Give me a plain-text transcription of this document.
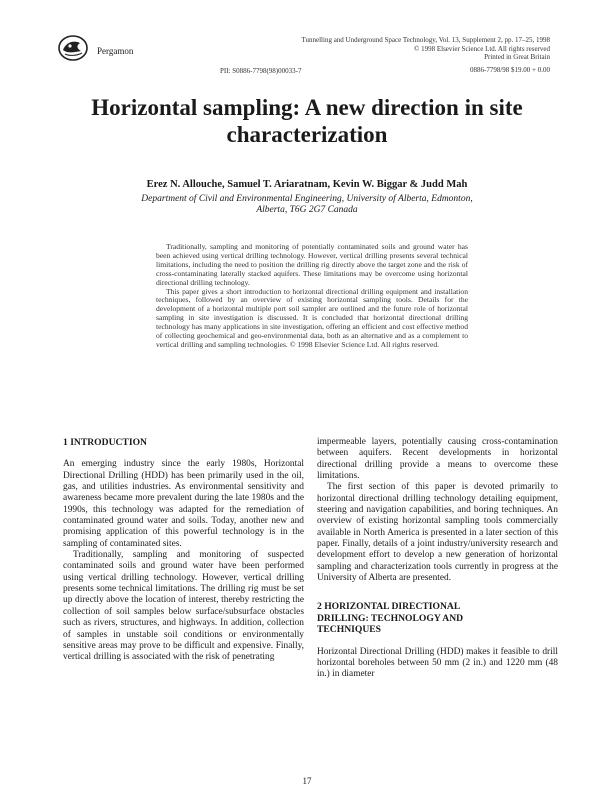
Pergamon
Tunnelling and Underground Space Technology, Vol. 13, Supplement 2, pp. 17–25, 1998
© 1998 Elsevier Science Ltd. All rights reserved
Printed in Great Britain
PII: S0886-7798(98)00033-7	0886-7798/98 $19.00 + 0.00
Horizontal sampling: A new direction in site
characterization
Erez N. Allouche, Samuel T. Ariaratnam, Kevin W. Biggar & Judd Mah
Department of Civil and Environmental Engineering, University of Alberta, Edmonton,
Alberta, T6G 2G7 Canada

Traditionally, sampling and monitoring of potentially contaminated soils and ground water has been achieved using vertical drilling technology. However, vertical drilling presents several technical limitations, including the need to position the drilling rig directly above the target zone and the risk of cross-contaminating laterally stacked aquifers. These limitations may be overcome using horizontal directional drilling technology.

This paper gives a short introduction to horizontal directional drilling equipment and installation techniques, followed by an overview of existing horizontal sampling tools. Details for the development of a horizontal multiple port soil sampler are outlined and the future role of horizontal sampling in site investigation is discussed. It is concluded that horizontal directional drilling technology has many applications in site investigation, offering an efficient and cost effective method of collecting geochemical and geo-environmental data, both as an alternative and as a complement to vertical drilling and sampling technologies. © 1998 Elsevier Science Ltd. All rights reserved.

1 INTRODUCTION

An emerging industry since the early 1980s, Horizontal Directional Drilling (HDD) has been primarily used in the oil, gas, and utilities industries. As environmental sensitivity and awareness became more prevalent during the late 1980s and the 1990s, this technology was adapted for the remediation of contaminated ground water and soils. Today, another new and promising application of this powerful technology is in the sampling of contaminated sites.

Traditionally, sampling and monitoring of suspected contaminated soils and ground water have been performed using vertical drilling technology. However, vertical drilling presents some technical limitations. The drilling rig must be set up directly above the location of interest, thereby restricting the collection of soil samples below surface/subsurface obstacles such as rivers, structures, and highways. In addition, collection of samples in unstable soil conditions or environmentally sensitive areas may prove to be difficult and expensive. Finally, vertical drilling is associated with the risk of penetrating

impermeable layers, potentially causing cross-contamination between aquifers. Recent developments in horizontal directional drilling provide a means to overcome these limitations.

The first section of this paper is devoted primarily to horizontal directional drilling technology detailing equipment, steering and navigation capabilities, and boring techniques. An overview of existing horizontal sampling tools commercially available in North America is presented in a later section of this paper. Finally, details of a joint industry/university research and development effort to develop a new generation of horizontal sampling and characterization tools currently in progress at the University of Alberta are presented.

2 HORIZONTAL DIRECTIONAL
DRILLING: TECHNOLOGY AND
TECHNIQUES

Horizontal Directional Drilling (HDD) makes it feasible to drill horizontal boreholes between 50 mm (2 in.) and 1220 mm (48 in.) in diameter

17
